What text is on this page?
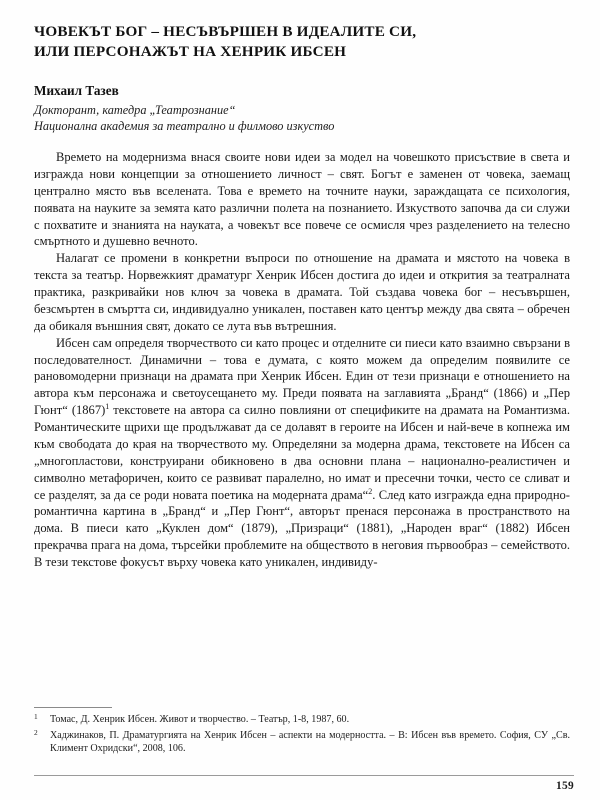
ЧОВЕКЪТ БОГ – НЕСЪВЪРШЕН В ИДЕАЛИТЕ СИ,
ИЛИ ПЕРСОНАЖЪТ НА ХЕНРИК ИБСЕН
Михаил Тазев
Докторант, катедра „Театрознание“
Национална академия за театрално и филмово изкуство

Времето на модернизма внася своите нови идеи за модел на човешкото присъствие в света и изгражда нови концепции за отношението личност – свят. Богът е заменен от човека, заемащ централно място във вселената. Това е времето на точните науки, зараждащата се психология, появата на науките за земята като различни полета на познанието. Изкуството започва да си служи с похватите и знанията на науката, а човекът все повече се осмисля чрез разделението на телесно смъртното и душевно вечното.

Налагат се промени в конкретни въпроси по отношение на драмата и мястото на човека в текста за театър. Норвежкият драматург Хенрик Ибсен достига до идеи и открития за театралната практика, разкривайки нов ключ за човека в драмата. Той създава човека бог – несъвършен, безсмъртен в смъртта си, индивидуално уникален, поставен като център между два свята – обречен да обикаля външния свят, докато се лута във вътрешния.

Ибсен сам определя творчеството си като процес и отделните си пиеси като взаимно свързани в последователност. Динамични – това е думата, с която можем да определим появилите се рановомодерни признаци на драмата при Хенрик Ибсен. Един от тези признаци е отношението на автора към персонажа и светоусещането му. Преди появата на заглавията „Бранд“ (1866) и „Пер Гюнт“ (1867)$^1$ текстовете на автора са силно повлияни от спецификите на драмата на Романтизма. Романтическите щрихи ще продължават да се долавят в героите на Ибсен и най-вече в копнежа им към свободата до края на творчеството му. Определяни за модерна драма, текстовете на Ибсен са „многопластови, конструирани обикновено в два основни плана – национално-реалистичен и символно метафоричен, които се развиват паралелно, но имат и пресечни точки, често се сливат и се разделят, за да се роди новата поетика на модерната драма“$^2$. След като изгражда една природно-романтична картина в „Бранд“ и „Пер Гюнт“, авторът пренася персонажа в пространството на дома. В пиеси като „Куклен дом“ (1879), „Призраци“ (1881), „Народен враг“ (1882) Ибсен прекрачва прага на дома, търсейки проблемите на обществото в неговия първообраз – семейството. В тези текстове фокусът върху човека като уникален, индивиду-

1	Томас, Д. Хенрик Ибсен. Живот и творчество. – Театър, 1-8, 1987, 60.
2	Хаджинаков, П. Драматургията на Хенрик Ибсен – аспекти на модерността. – В: Ибсен във времето. София, СУ „Св. Климент Охридски“, 2008, 106.
159
